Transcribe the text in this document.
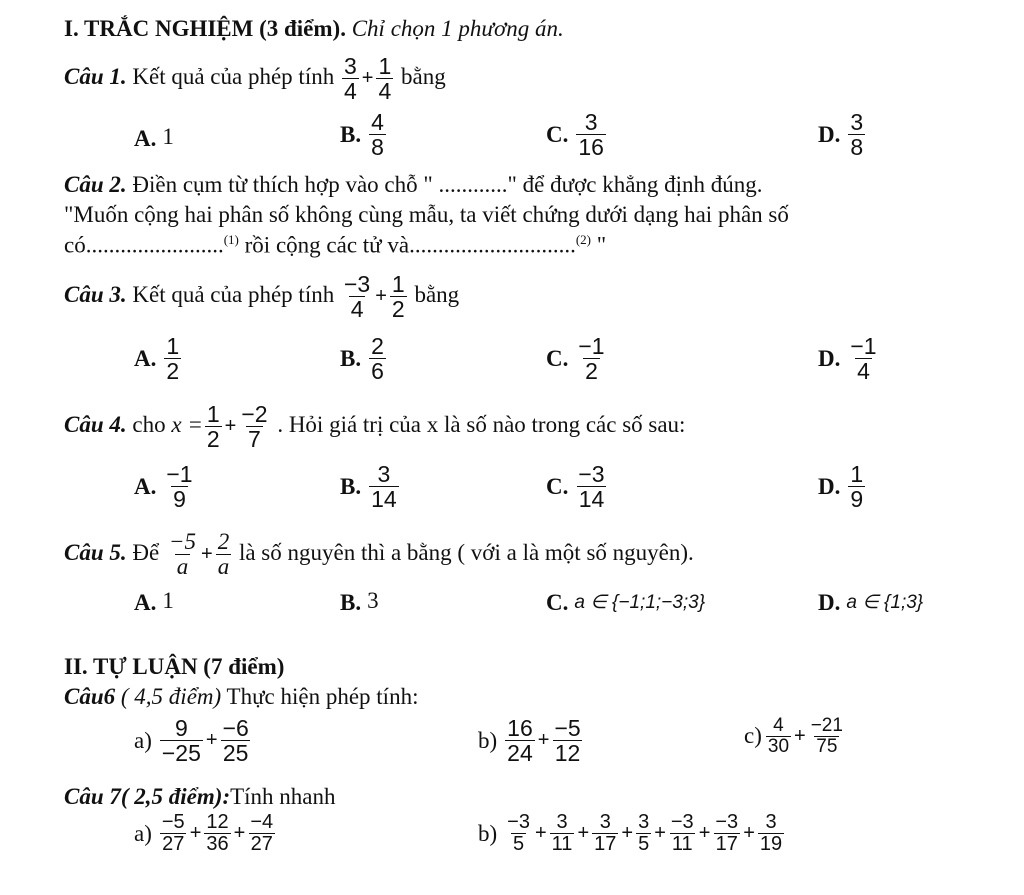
I. TRẮC NGHIỆM (3 điểm). Chỉ chọn 1 phương án.
Câu 1. Kết quả của phép tính $\frac{3}{4} + \frac{1}{4}$ bằng
A. 1	B. $\frac{4}{8}$	C. $\frac{3}{16}$	D. $\frac{3}{8}$
Câu 2. Điền cụm từ thích hợp vào chỗ " ............" để được khẳng định đúng.
"Muốn cộng hai phân số không cùng mẫu, ta viết chứng dưới dạng hai phân số
có........................$^{(1)}$ rồi cộng các tử và.............................$^{(2)}$ "
Câu 3. Kết quả của phép tính $\frac{-3}{4} + \frac{1}{2}$ bằng
A. $\frac{1}{2}$	B. $\frac{2}{6}$	C. $\frac{-1}{2}$	D. $\frac{-1}{4}$
Câu 4. cho $x = \frac{1}{2} + \frac{-2}{7}$ . Hỏi giá trị của x là số nào trong các số sau:
A. $\frac{-1}{9}$	B. $\frac{3}{14}$	C. $\frac{-3}{14}$	D. $\frac{1}{9}$
Câu 5. Để $\frac{-5}{a} + \frac{2}{a}$ là số nguyên thì a bằng ( với a là một số nguyên).
A. 1	B. 3	C. a ∈ {−1;1;−3;3}	D. a ∈ {1;3}
II. TỰ LUẬN (7 điểm)
Câu6 ( 4,5 điểm) Thực hiện phép tính:
$a) \frac{9}{-25} + \frac{-6}{25}$	$b) \frac{16}{24} + \frac{-5}{12}$	$c) \frac{4}{30} + \frac{-21}{75}$
Câu 7( 2,5 điểm):Tính nhanh
$a) \frac{-5}{27} + \frac{12}{36} + \frac{-4}{27}$	$b) \frac{-3}{5} + \frac{3}{11} + \frac{3}{17} + \frac{3}{5} + \frac{-3}{11} + \frac{-3}{17} + \frac{3}{19}$
